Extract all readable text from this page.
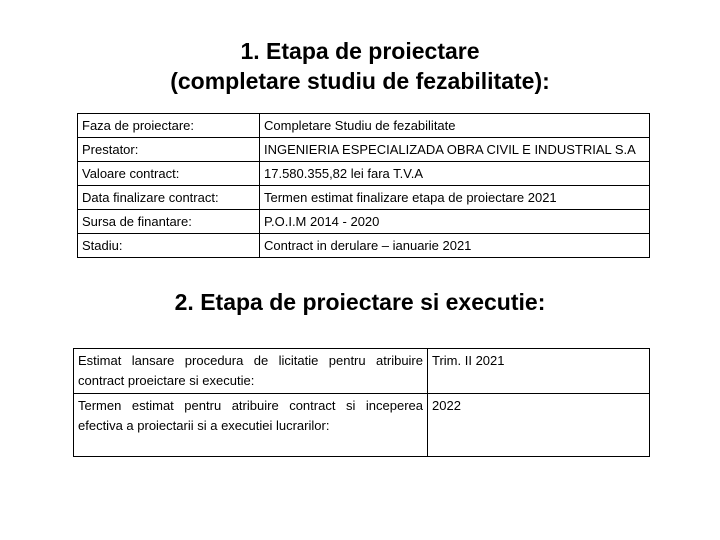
1. Etapa de proiectare
(completare studiu de fezabilitate):
Faza de proiectare:	Completare Studiu de fezabilitate
Prestator:	INGENIERIA ESPECIALIZADA OBRA CIVIL E INDUSTRIAL S.A
Valoare contract:	17.580.355,82 lei fara T.V.A
Data finalizare contract:	Termen estimat finalizare etapa de proiectare 2021
Sursa de finantare:	P.O.I.M 2014 - 2020
Stadiu:	Contract in derulare – ianuarie 2021
2. Etapa de proiectare si executie:
Estimat lansare procedura de licitatie pentru atribuire contract proeictare si executie:	Trim. II 2021
Termen estimat pentru atribuire contract si inceperea efectiva a proiectarii si a executiei lucrarilor:	2022
